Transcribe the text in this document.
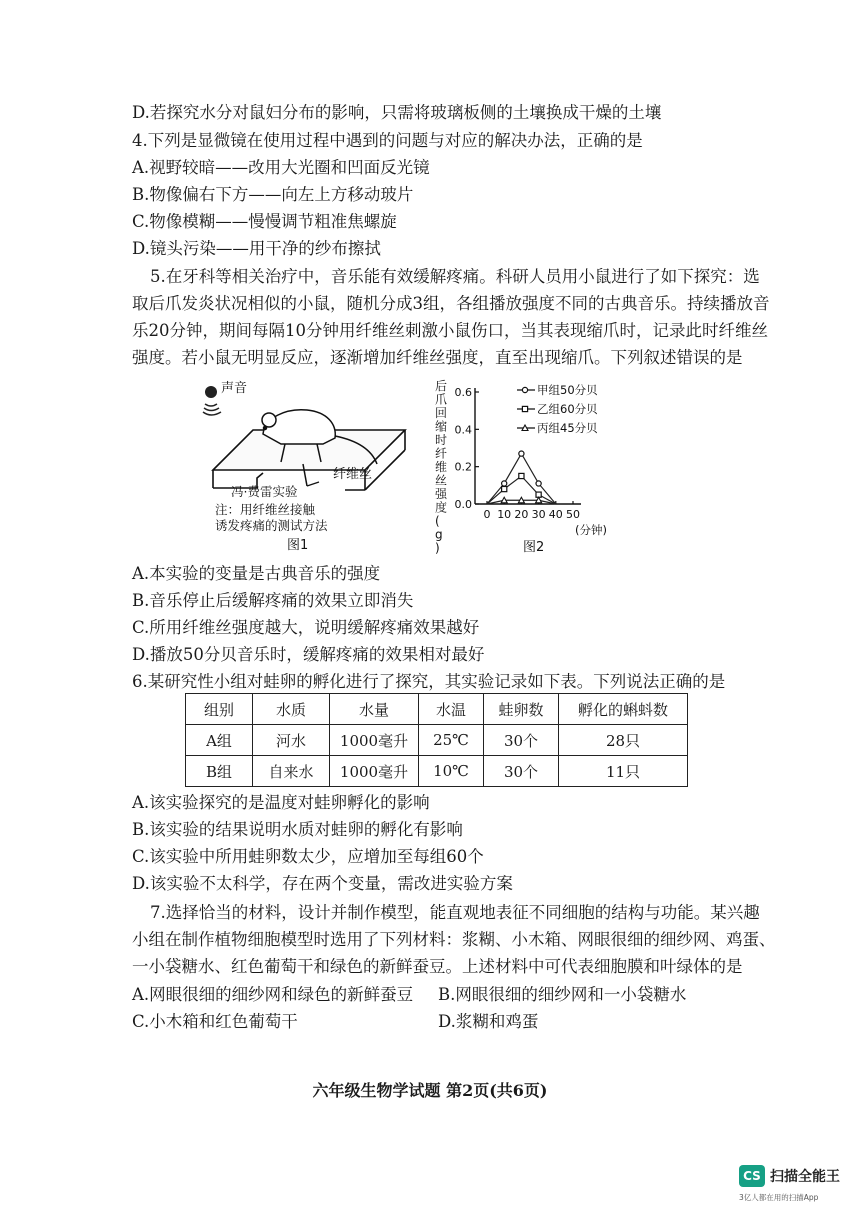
D.若探究水分对鼠妇分布的影响，只需将玻璃板侧的土壤换成干燥的土壤
4.下列是显微镜在使用过程中遇到的问题与对应的解决办法，正确的是
A.视野较暗——改用大光圈和凹面反光镜
B.物像偏右下方——向左上方移动玻片
C.物像模糊——慢慢调节粗准焦螺旋
D.镜头污染——用干净的纱布擦拭
5.在牙科等相关治疗中，音乐能有效缓解疼痛。科研人员用小鼠进行了如下探究：选
取后爪发炎状况相似的小鼠，随机分成3组，各组播放强度不同的古典音乐。持续播放音
乐20分钟，期间每隔10分钟用纤维丝刺激小鼠伤口，当其表现缩爪时，记录此时纤维丝
强度。若小鼠无明显反应，逐渐增加纤维丝强度，直至出现缩爪。下列叙述错误的是
声音
纤维丝
冯·费雷实验
注：用纤维丝接触
诱发疼痛的测试方法
图1
后爪回缩时纤维丝强度( g )
0.0
0.2
0.4
0.6
0 10 20 30 40 50
甲组50分贝
乙组60分贝
丙组45分贝
(分钟)
图2
A.本实验的变量是古典音乐的强度
B.音乐停止后缓解疼痛的效果立即消失
C.所用纤维丝强度越大，说明缓解疼痛效果越好
D.播放50分贝音乐时，缓解疼痛的效果相对最好
6.某研究性小组对蛙卵的孵化进行了探究，其实验记录如下表。下列说法正确的是
组别	水质	水量	水温	蛙卵数	孵化的蝌蚪数
A组	河水	1000毫升	25℃	30个	28只
B组	自来水	1000毫升	10℃	30个	11只
A.该实验探究的是温度对蛙卵孵化的影响
B.该实验的结果说明水质对蛙卵的孵化有影响
C.该实验中所用蛙卵数太少，应增加至每组60个
D.该实验不太科学，存在两个变量，需改进实验方案
7.选择恰当的材料，设计并制作模型，能直观地表征不同细胞的结构与功能。某兴趣
小组在制作植物细胞模型时选用了下列材料：浆糊、小木箱、网眼很细的细纱网、鸡蛋、
一小袋糖水、红色葡萄干和绿色的新鲜蚕豆。上述材料中可代表细胞膜和叶绿体的是
A.网眼很细的细纱网和绿色的新鲜蚕豆 B.网眼很细的细纱网和一小袋糖水
C.小木箱和红色葡萄干	D.浆糊和鸡蛋
六年级生物学试题 第2页(共6页)
CS 扫描全能王
3亿人都在用的扫描App
